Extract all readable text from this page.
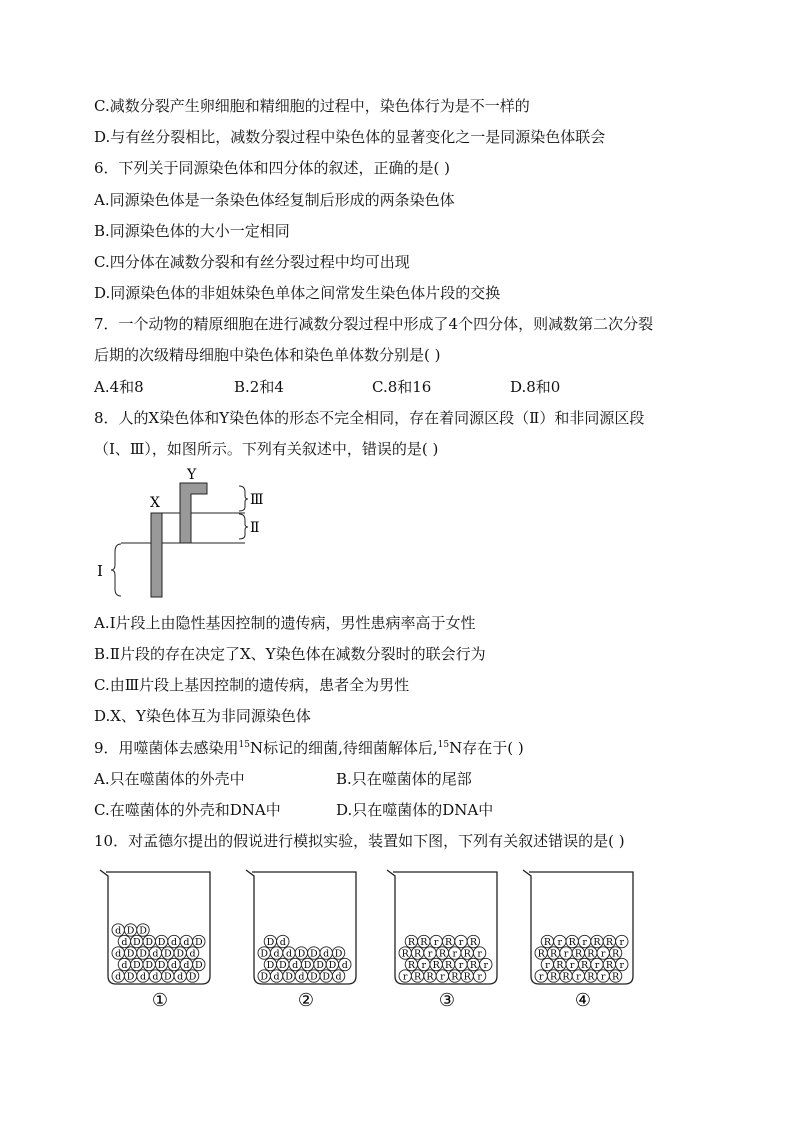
C.减数分裂产生卵细胞和精细胞的过程中，染色体行为是不一样的
D.与有丝分裂相比，减数分裂过程中染色体的显著变化之一是同源染色体联会
6．下列关于同源染色体和四分体的叙述，正确的是( )
A.同源染色体是一条染色体经复制后形成的两条染色体
B.同源染色体的大小一定相同
C.四分体在减数分裂和有丝分裂过程中均可出现
D.同源染色体的非姐妹染色单体之间常发生染色体片段的交换
7．一个动物的精原细胞在进行减数分裂过程中形成了4个四分体，则减数第二次分裂
后期的次级精母细胞中染色体和染色单体数分别是( )
A.4和8	B.2和4	C.8和16	D.8和0
8．人的X染色体和Y染色体的形态不完全相同，存在着同源区段（Ⅱ）和非同源区段
（Ⅰ、Ⅲ），如图所示。下列有关叙述中，错误的是( )
X
Y
Ⅲ
Ⅱ
Ⅰ
A.Ⅰ片段上由隐性基因控制的遗传病，男性患病率高于女性
B.Ⅱ片段的存在决定了X、Y染色体在减数分裂时的联会行为
C.由Ⅲ片段上基因控制的遗传病，患者全为男性
D.X、Y染色体互为非同源染色体
9．用噬菌体去感染用$^{15}$N标记的细菌,待细菌解体后,$^{15}$N存在于( )
A.只在噬菌体的外壳中	B.只在噬菌体的尾部
C.在噬菌体的外壳和DNA中	D.只在噬菌体的DNA中
10．对孟德尔提出的假说进行模拟实验，装置如下图，下列有关叙述错误的是( )
d D d d D d D
d D D D d d D
d D D d D D d
d D D D d d D
d D D
①
D d D d D D d
D D d D D D d
D d d D D d D
D d
②
r R R r R R r
R r R R r R r
R R r R r R r
R R r R r R
③
r R R r R r R
r R r R r R r
R R r R R r R
R r R r R R r
④
